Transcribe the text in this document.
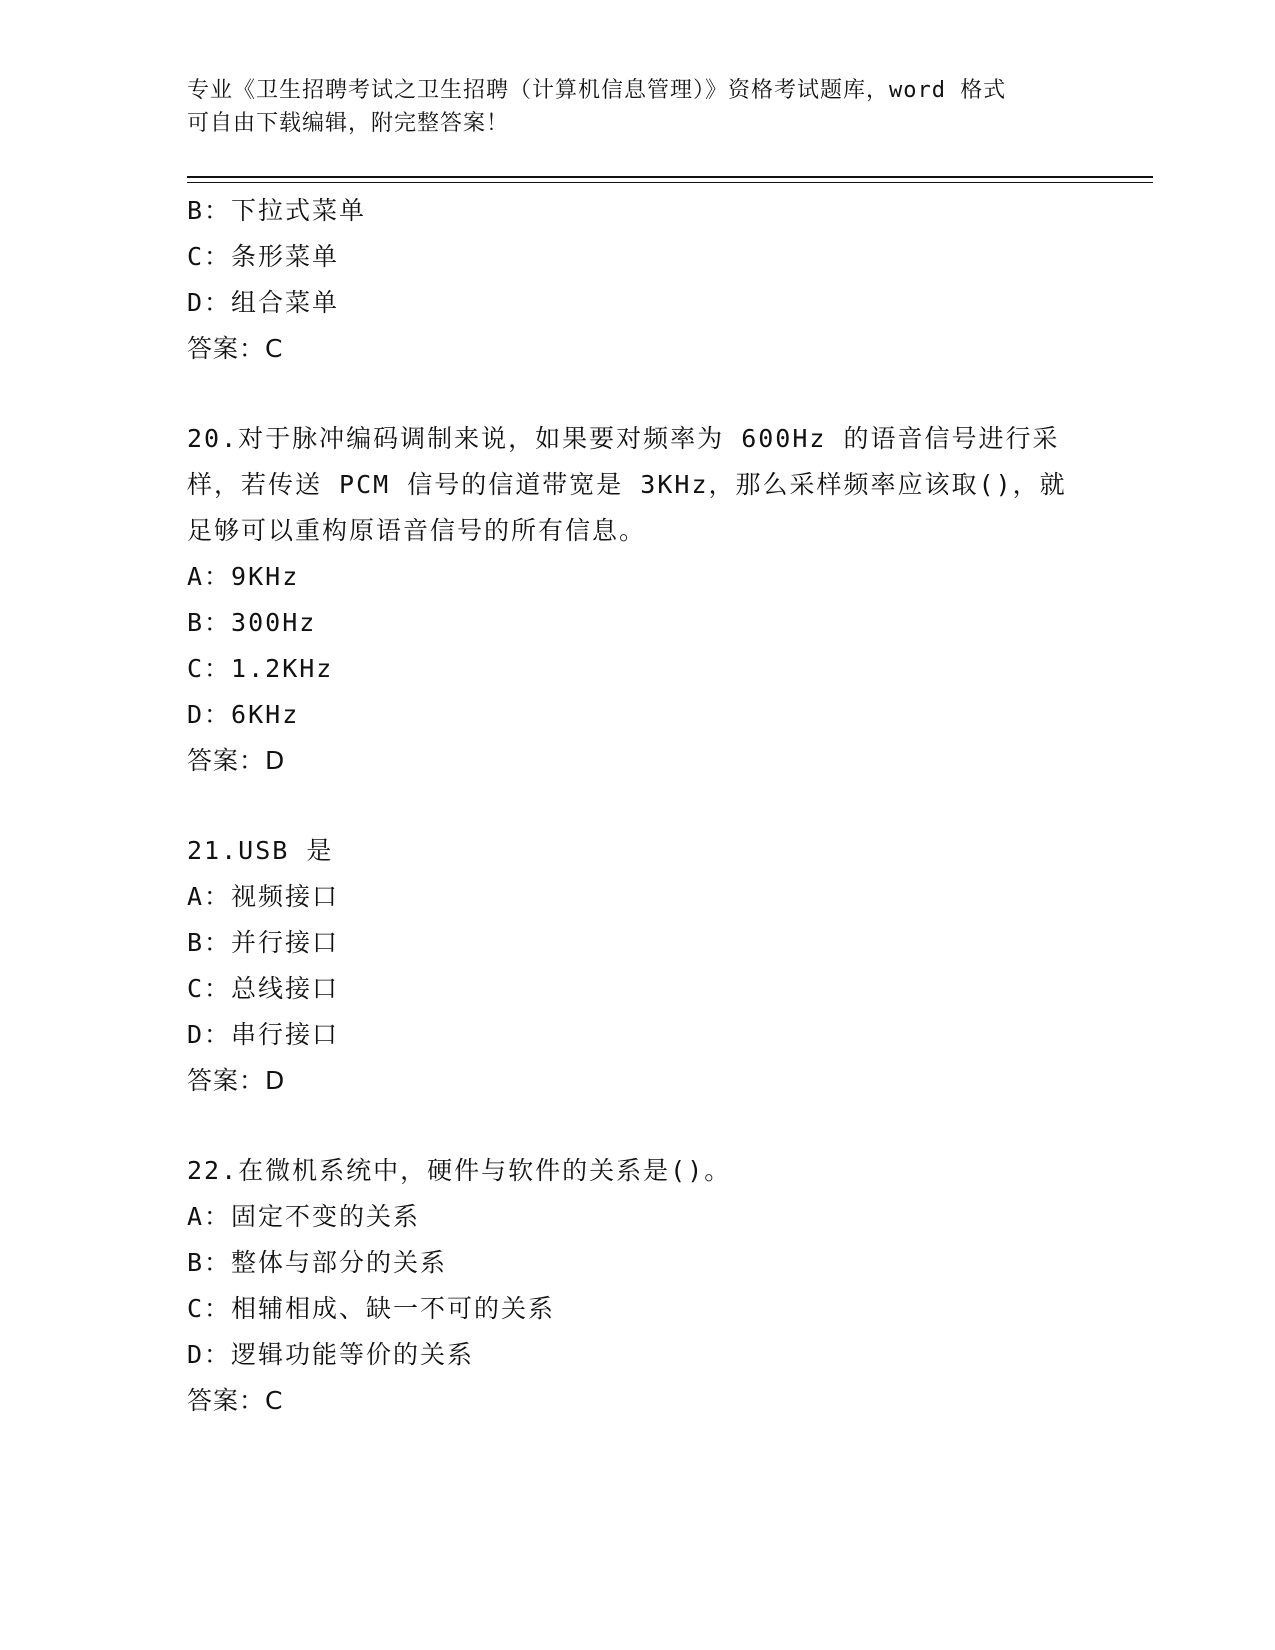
专业《卫生招聘考试之卫生招聘（计算机信息管理）》资格考试题库，word 格式
可自由下载编辑，附完整答案！
B：下拉式菜单
C：条形菜单
D：组合菜单
答案：C
20.对于脉冲编码调制来说，如果要对频率为 600Hz 的语音信号进行采
样，若传送 PCM 信号的信道带宽是 3KHz，那么采样频率应该取()，就
足够可以重构原语音信号的所有信息。
A：9KHz
B：300Hz
C：1.2KHz
D：6KHz
答案：D
21.USB 是
A：视频接口
B：并行接口
C：总线接口
D：串行接口
答案：D
22.在微机系统中，硬件与软件的关系是()。
A：固定不变的关系
B：整体与部分的关系
C：相辅相成、缺一不可的关系
D：逻辑功能等价的关系
答案：C
